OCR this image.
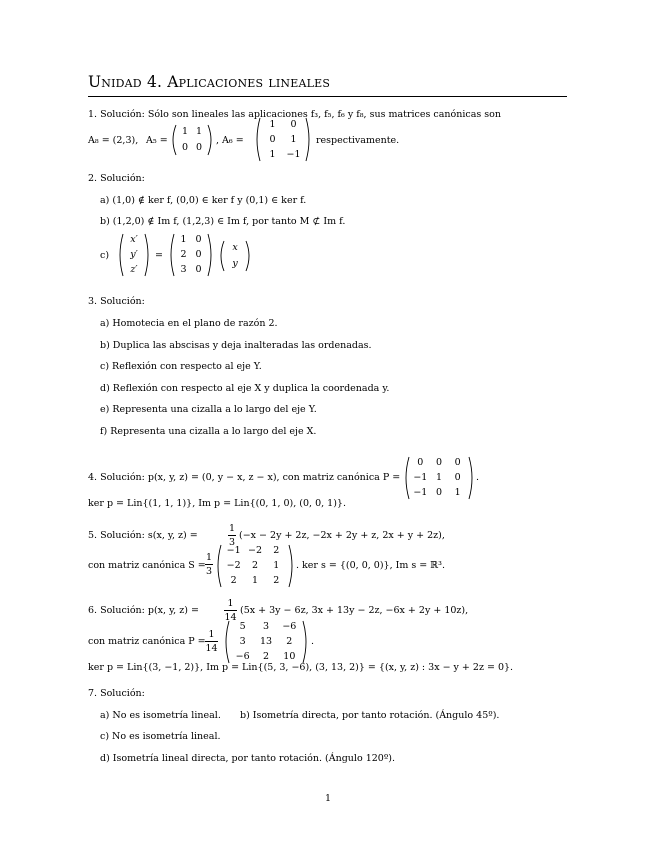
Unidad 4. Aplicaciones lineales
1. Solución: Sólo son lineales las aplicaciones f₃, f₅, f₆ y f₈, sus matrices canónicas son
A₈ = (2,3), A₅ =
1 1
0 0
, A₆ =
1	0
0	1
1	−1
respectivamente.
2. Solución:
a) (1,0) ∉ ker f, (0,0) ∈ ker f y (0,1) ∈ ker f.
b) (1,2,0) ∉ Im f, (1,2,3) ∈ Im f, por tanto M ⊄ Im f.
c)
x′
y′
z′
=
1 0
2 0
3 0
x
y
3. Solución:
a) Homotecia en el plano de razón 2.
b) Duplica las abscisas y deja inalteradas las ordenadas.
c) Reflexión con respecto al eje Y.
d) Reflexión con respecto al eje X y duplica la coordenada y.
e) Representa una cizalla a lo largo del eje Y.
f) Representa una cizalla a lo largo del eje X.
4. Solución: p(x, y, z) = (0, y − x, z − x), con matriz canónica P =
0	0	0
−1 1	0
−1 0	1
.
ker p = Lin{(1, 1, 1)}, Im p = Lin{(0, 1, 0), (0, 0, 1)}.
5. Solución: s(x, y, z) =
1
3
(−x − 2y + 2z, −2x + 2y + z, 2x + y + 2z),
con matriz canónica S =
1
3
−1 −2	2
−2	2	1
2	1	2
. ker s = {(0, 0, 0)}, Im s = ℝ³.
6. Solución: p(x, y, z) =
1
14
(5x + 3y − 6z, 3x + 13y − 2z, −6x + 2y + 10z),
con matriz canónica P =
1
14
5	3	−6
3	13	2
−6	2	10
.
ker p = Lin{(3, −1, 2)}, Im p = Lin{(5, 3, −6), (3, 13, 2)} = {(x, y, z) : 3x − y + 2z = 0}.
7. Solución:
a) No es isometría lineal. b) Isometría directa, por tanto rotación. (Ángulo 45º).
c) No es isometría lineal.
d) Isometría lineal directa, por tanto rotación. (Ángulo 120º).
1
